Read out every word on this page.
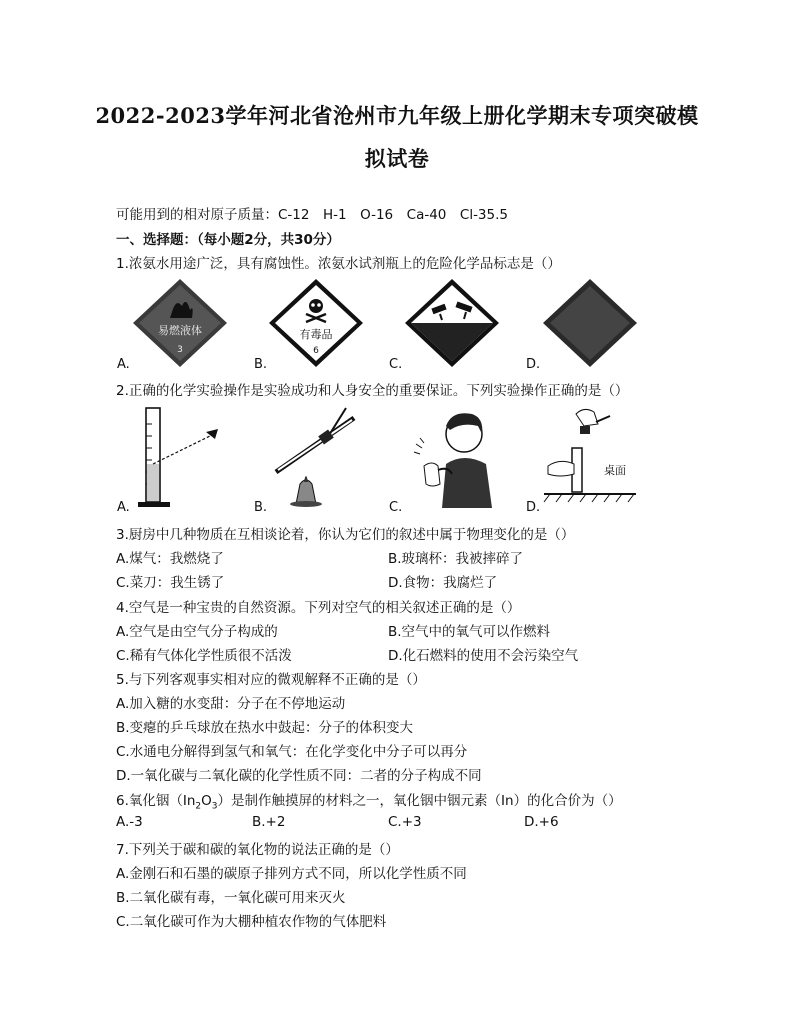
2022-2023学年河北省沧州市九年级上册化学期末专项突破模
拟试卷
可能用到的相对原子质量：C-12　H-1　O-16　Ca-40　Cl-35.5
一、选择题：（每小题2分，共30分）
1.浓氨水用途广泛，具有腐蚀性。浓氨水试剂瓶上的危险化学品标志是（）
易燃液体
3
A.
有毒品
6
B.	C.	D.
2.正确的化学实验操作是实验成功和人身安全的重要保证。下列实验操作正确的是（）
A.	B.	C.
桌面
D.
3.厨房中几种物质在互相谈论着，你认为它们的叙述中属于物理变化的是（）
A.煤气：我燃烧了	B.玻璃杯：我被摔碎了
C.菜刀：我生锈了	D.食物：我腐烂了
4.空气是一种宝贵的自然资源。下列对空气的相关叙述正确的是（）
A.空气是由空气分子构成的	B.空气中的氧气可以作燃料
C.稀有气体化学性质很不活泼	D.化石燃料的使用不会污染空气
5.与下列客观事实相对应的微观解释不正确的是（）
A.加入糖的水变甜：分子在不停地运动
B.变瘪的乒乓球放在热水中鼓起：分子的体积变大
C.水通电分解得到氢气和氧气：在化学变化中分子可以再分
D.一氧化碳与二氧化碳的化学性质不同：二者的分子构成不同
6.氧化铟$(In_2O_3)$是制作触摸屏的材料之一，氧化铟中铟元素（In）的化合价为（）
A.-3	B.+2	C.+3	D.+6
7.下列关于碳和碳的氧化物的说法正确的是（）
A.金刚石和石墨的碳原子排列方式不同，所以化学性质不同
B.二氧化碳有毒，一氧化碳可用来灭火
C.二氧化碳可作为大棚种植农作物的气体肥料
